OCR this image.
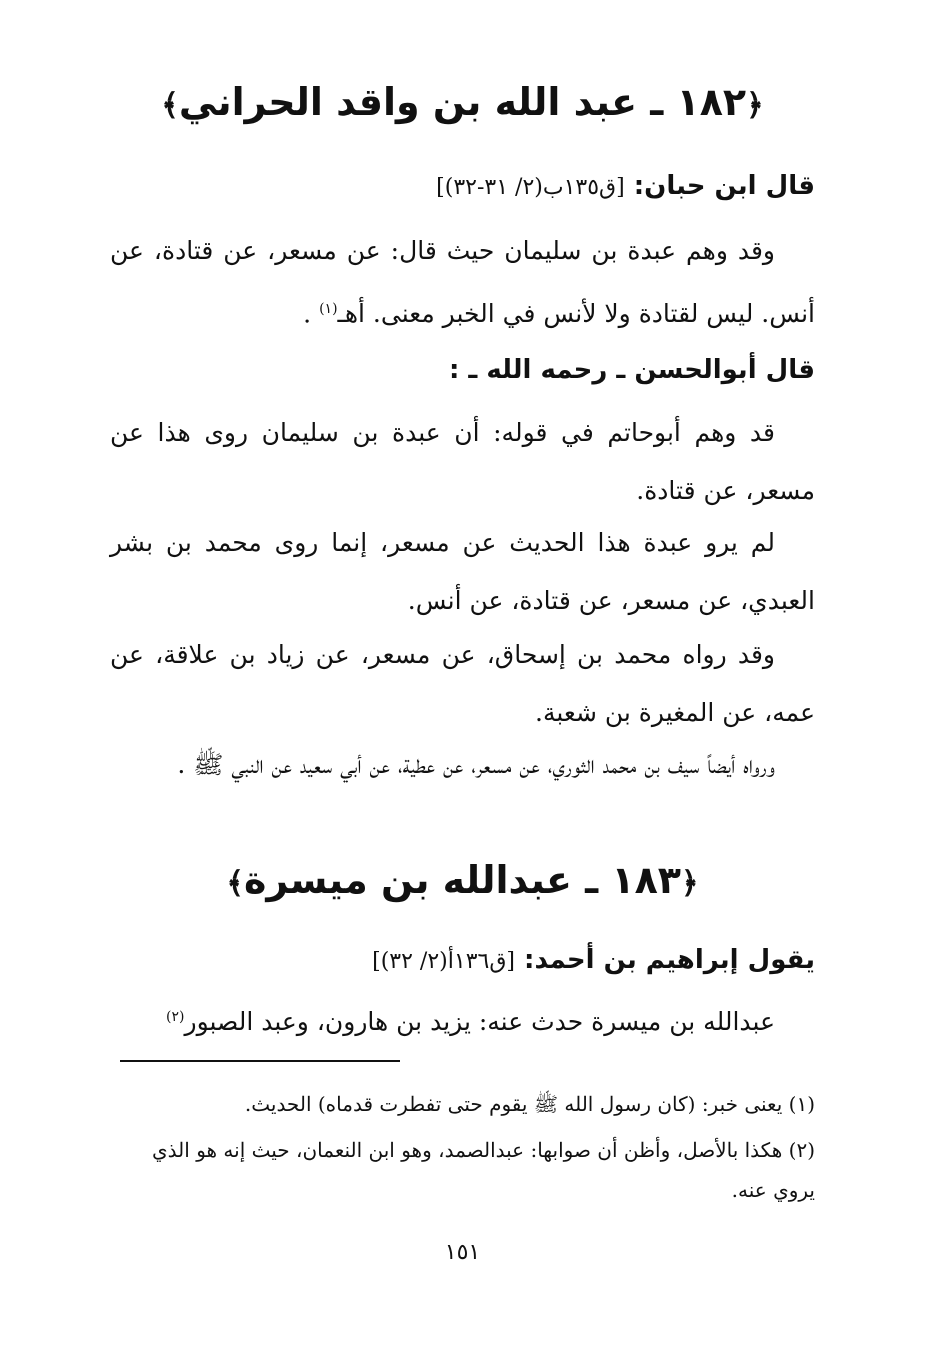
﴿١٨٢ ـ عبد الله بن واقد الحراني﴾

قال ابن حبان: [ق١٣٥ب(٢/ ٣١-٣٢)]

وقد وهم عبدة بن سليمان حيث قال: عن مسعر، عن قتادة، عن أنس. ليس لقتادة ولا لأنس في الخبر معنى. أهـ$^{(١)}$ .

قال أبوالحسن ـ رحمه الله ـ :

قد وهم أبوحاتم في قوله: أن عبدة بن سليمان روى هذا عن مسعر، عن قتادة.

لم يرو عبدة هذا الحديث عن مسعر، إنما روى محمد بن بشر العبدي، عن مسعر، عن قتادة، عن أنس.

وقد رواه محمد بن إسحاق، عن مسعر، عن زياد بن علاقة، عن عمه، عن المغيرة بن شعبة.

ورواه أيضاً سيف بن محمد الثوري، عن مسعر، عن عطية، عن أبي سعيد عن النبي ﷺ .

﴿١٨٣ ـ عبدالله بن ميسرة﴾

يقول إبراهيم بن أحمد: [ق١٣٦أ(٢/ ٣٢)]

عبدالله بن ميسرة حدث عنه: يزيد بن هارون، وعبد الصبور$^{(٢)}$

(١) يعنى خبر: (كان رسول الله ﷺ يقوم حتى تفطرت قدماه) الحديث.

(٢) هكذا بالأصل، وأظن أن صوابها: عبدالصمد، وهو ابن النعمان، حيث إنه هو الذي يروي عنه.

١٥١
